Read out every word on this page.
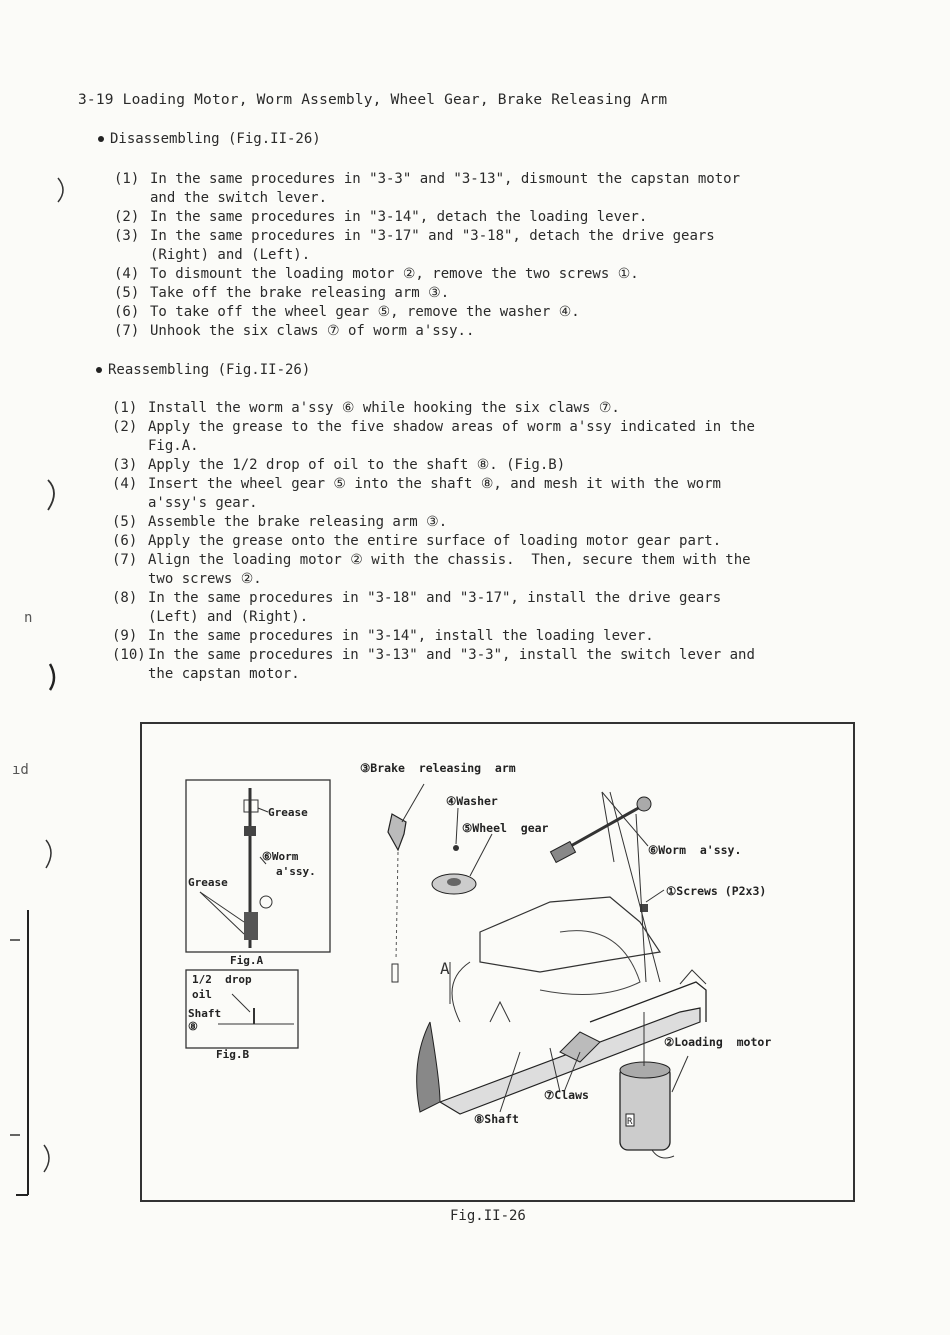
3-19 Loading Motor, Worm Assembly, Wheel Gear, Brake Releasing Arm
Disassembling (Fig.II-26)
(1) In the same procedures in "3-3" and "3-13", dismount the capstan motor
and the switch lever.
(2) In the same procedures in "3-14", detach the loading lever.
(3) In the same procedures in "3-17" and "3-18", detach the drive gears
(Right) and (Left).
(4) To dismount the loading motor ②, remove the two screws ①.
(5) Take off the brake releasing arm ③.
(6) To take off the wheel gear ⑤, remove the washer ④.
(7) Unhook the six claws ⑦ of worm a'ssy..
Reassembling (Fig.II-26)
(1) Install the worm a'ssy ⑥ while hooking the six claws ⑦.
(2) Apply the grease to the five shadow areas of worm a'ssy indicated in the
Fig.A.
(3) Apply the 1/2 drop of oil to the shaft ⑧. (Fig.B)
(4) Insert the wheel gear ⑤ into the shaft ⑧, and mesh it with the worm
a'ssy's gear.
(5) Assemble the brake releasing arm ③.
(6) Apply the grease onto the entire surface of loading motor gear part.
(7) Align the loading motor ② with the chassis.  Then, secure them with the
two screws ②.
(8) In the same procedures in "3-18" and "3-17", install the drive gears
(Left) and (Right).
(9) In the same procedures in "3-14", install the loading lever.
(10) In the same procedures in "3-13" and "3-3", install the switch lever and
the capstan motor.
ıd
n
A
R
③Brake  releasing  arm
④Washer
⑤Wheel  gear
⑥Worm  a'ssy.
①Screws (P2x3)
②Loading  motor
⑦Claws
⑧Shaft
Grease
⑥Worm
a'ssy.
Grease
Fig.A
1/2  drop
oil
Shaft
⑧
Fig.B
Fig.II-26
